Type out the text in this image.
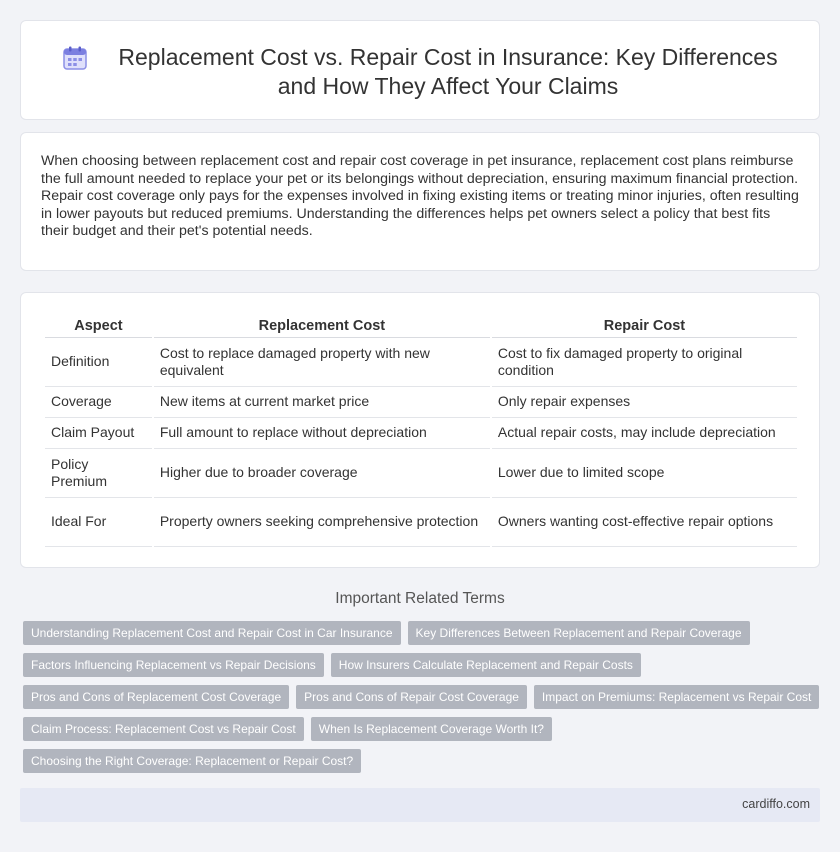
Replacement Cost vs. Repair Cost in Insurance: Key Differences and How They Affect Your Claims

When choosing between replacement cost and repair cost coverage in pet insurance, replacement cost plans reimburse the full amount needed to replace your pet or its belongings without depreciation, ensuring maximum financial protection. Repair cost coverage only pays for the expenses involved in fixing existing items or treating minor injuries, often resulting in lower payouts but reduced premiums. Understanding the differences helps pet owners select a policy that best fits their budget and their pet's potential needs.

Aspect	Replacement Cost	Repair Cost
Definition	Cost to replace damaged property with new equivalent	Cost to fix damaged property to original condition
Coverage	New items at current market price	Only repair expenses
Claim Payout	Full amount to replace without depreciation	Actual repair costs, may include depreciation
Policy Premium	Higher due to broader coverage	Lower due to limited scope
Ideal For	Property owners seeking comprehensive protection	Owners wanting cost-effective repair options
Important Related Terms
Understanding Replacement Cost and Repair Cost in Car Insurance	Key Differences Between Replacement and Repair Coverage
Factors Influencing Replacement vs Repair Decisions	How Insurers Calculate Replacement and Repair Costs
Pros and Cons of Replacement Cost Coverage	Pros and Cons of Repair Cost Coverage	Impact on Premiums: Replacement vs Repair Cost
Claim Process: Replacement Cost vs Repair Cost	When Is Replacement Coverage Worth It?
Choosing the Right Coverage: Replacement or Repair Cost?
cardiffo.com
